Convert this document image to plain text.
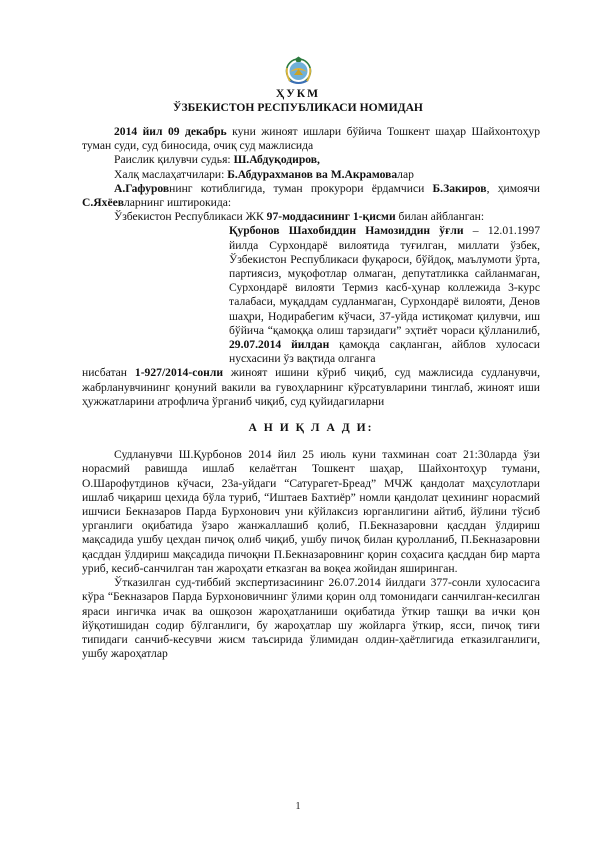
ҲУКМ
ЎЗБЕКИСТОН РЕСПУБЛИКАСИ НОМИДАН

2014 йил 09 декабрь куни жиноят ишлари бўйича Тошкент шаҳар Шайхонтоҳур туман суди, суд биносида, очиқ суд мажлисида

Раислик қилувчи судья: Ш.Абдуқодиров,

Халқ маслаҳатчилари: Б.Абдурахманов ва М.Акрамовалар

А.Гафуровнинг котиблигида, туман прокурори ёрдамчиси Б.Закиров, ҳимоячи С.Яхёевларнинг иштирокида:

Ўзбекистон Республикаси ЖК 97-моддасининг 1-қисми билан айбланган:

Қурбонов Шахобиддин Намозиддин ўғли – 12.01.1997 йилда Сурхондарё вилоятида туғилган, миллати ўзбек, Ўзбекистон Республикаси фуқароси, бўйдоқ, маълумоти ўрта, партиясиз, муқофотлар олмаган, депутатликка сайланмаган, Сурхондарё вилояти Термиз касб-ҳунар коллежида 3-курс талабаси, муқаддам судланмаган, Сурхондарё вилояти, Денов шаҳри, Нодирабегим кўчаси, 37-уйда истиқомат қилувчи, иш бўйича “қамоққа олиш тарзидаги” эҳтиёт чораси қўлланилиб, 29.07.2014 йилдан қамоқда сақланган, айблов хулосаси нусхасини ўз вақтида олганга

нисбатан 1-927/2014-сонли жиноят ишини кўриб чиқиб, суд мажлисида судланувчи, жабрланувчининг қонуний вакили ва гувоҳларнинг кўрсатувларини тинглаб, жиноят иши ҳужжатларини атрофлича ўрганиб чиқиб, суд қуйидагиларни

А Н И Қ Л А Д И:

Судланувчи Ш.Қурбонов 2014 йил 25 июль куни тахминан соат 21:30ларда ўзи норасмий равишда ишлаб келаётган Тошкент шаҳар, Шайхонтоҳур тумани, О.Шарофутдинов кўчаси, 23а-уйдаги “Сатурагет-Бреад” МЧЖ қандолат маҳсулотлари ишлаб чиқариш цехида бўла туриб, “Иштаев Бахтиёр” номли қандолат цехининг норасмий ишчиси Бекназаров Парда Бурхонович уни кўйлаксиз юрганлигини айтиб, йўлини тўсиб урганлиги оқибатида ўзаро жанжаллашиб қолиб, П.Бекназаровни қасддан ўлдириш мақсадида ушбу цехдан пичоқ олиб чиқиб, ушбу пичоқ билан қуролланиб, П.Бекназаровни қасддан ўлдириш мақсадида пичоқни П.Бекназаровнинг қорин соҳасига қасддан бир марта уриб, кесиб-санчилган тан жароҳати етказган ва воқеа жойидан яширинган.

Ўтказилган суд-тиббий экспертизасининг 26.07.2014 йилдаги 377-сонли хулосасига кўра “Бекназаров Парда Бурхоновичнинг ўлими қорин олд томонидаги санчилган-кесилган яраси ингичка ичак ва ошқозон жароҳатланиши оқибатида ўткир ташқи ва ички қон йўқотишидан содир бўлганлиги, бу жароҳатлар шу жойларга ўткир, ясси, пичоқ тиғи типидаги санчиб-кесувчи жисм таъсирида ўлимидан олдин-ҳаётлигида етказилганлиги, ушбу жароҳатлар

1
